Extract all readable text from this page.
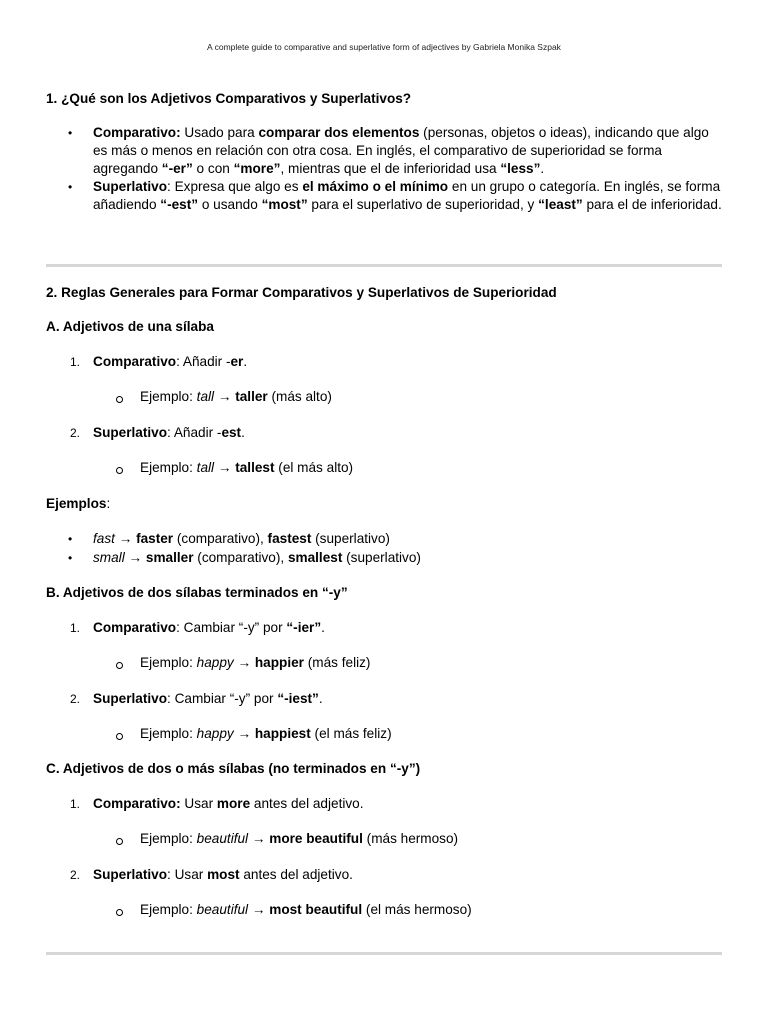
A complete guide to comparative and superlative form of adjectives by Gabriela Monika Szpak
1. ¿Qué son los Adjetivos Comparativos y Superlativos?
• Comparativo: Usado para comparar dos elementos (personas, objetos o ideas), indicando que algo es más o menos en relación con otra cosa. En inglés, el comparativo de superioridad se forma agregando “-er” o con “more”, mientras que el de inferioridad usa “less”.
• Superlativo: Expresa que algo es el máximo o el mínimo en un grupo o categoría. En inglés, se forma añadiendo “-est” o usando “most” para el superlativo de superioridad, y “least” para el de inferioridad.
2. Reglas Generales para Formar Comparativos y Superlativos de Superioridad
A. Adjetivos de una sílaba
1. Comparativo: Añadir -er.
Ejemplo: tall → taller (más alto)
2. Superlativo: Añadir -est.
Ejemplo: tall → tallest (el más alto)
Ejemplos:
• fast → faster (comparativo), fastest (superlativo)
• small → smaller (comparativo), smallest (superlativo)
B. Adjetivos de dos sílabas terminados en “-y”
1. Comparativo: Cambiar “-y” por “-ier”.
Ejemplo: happy → happier (más feliz)
2. Superlativo: Cambiar “-y” por “-iest”.
Ejemplo: happy → happiest (el más feliz)
C. Adjetivos de dos o más sílabas (no terminados en “-y”)
1. Comparativo: Usar more antes del adjetivo.
Ejemplo: beautiful → more beautiful (más hermoso)
2. Superlativo: Usar most antes del adjetivo.
Ejemplo: beautiful → most beautiful (el más hermoso)
